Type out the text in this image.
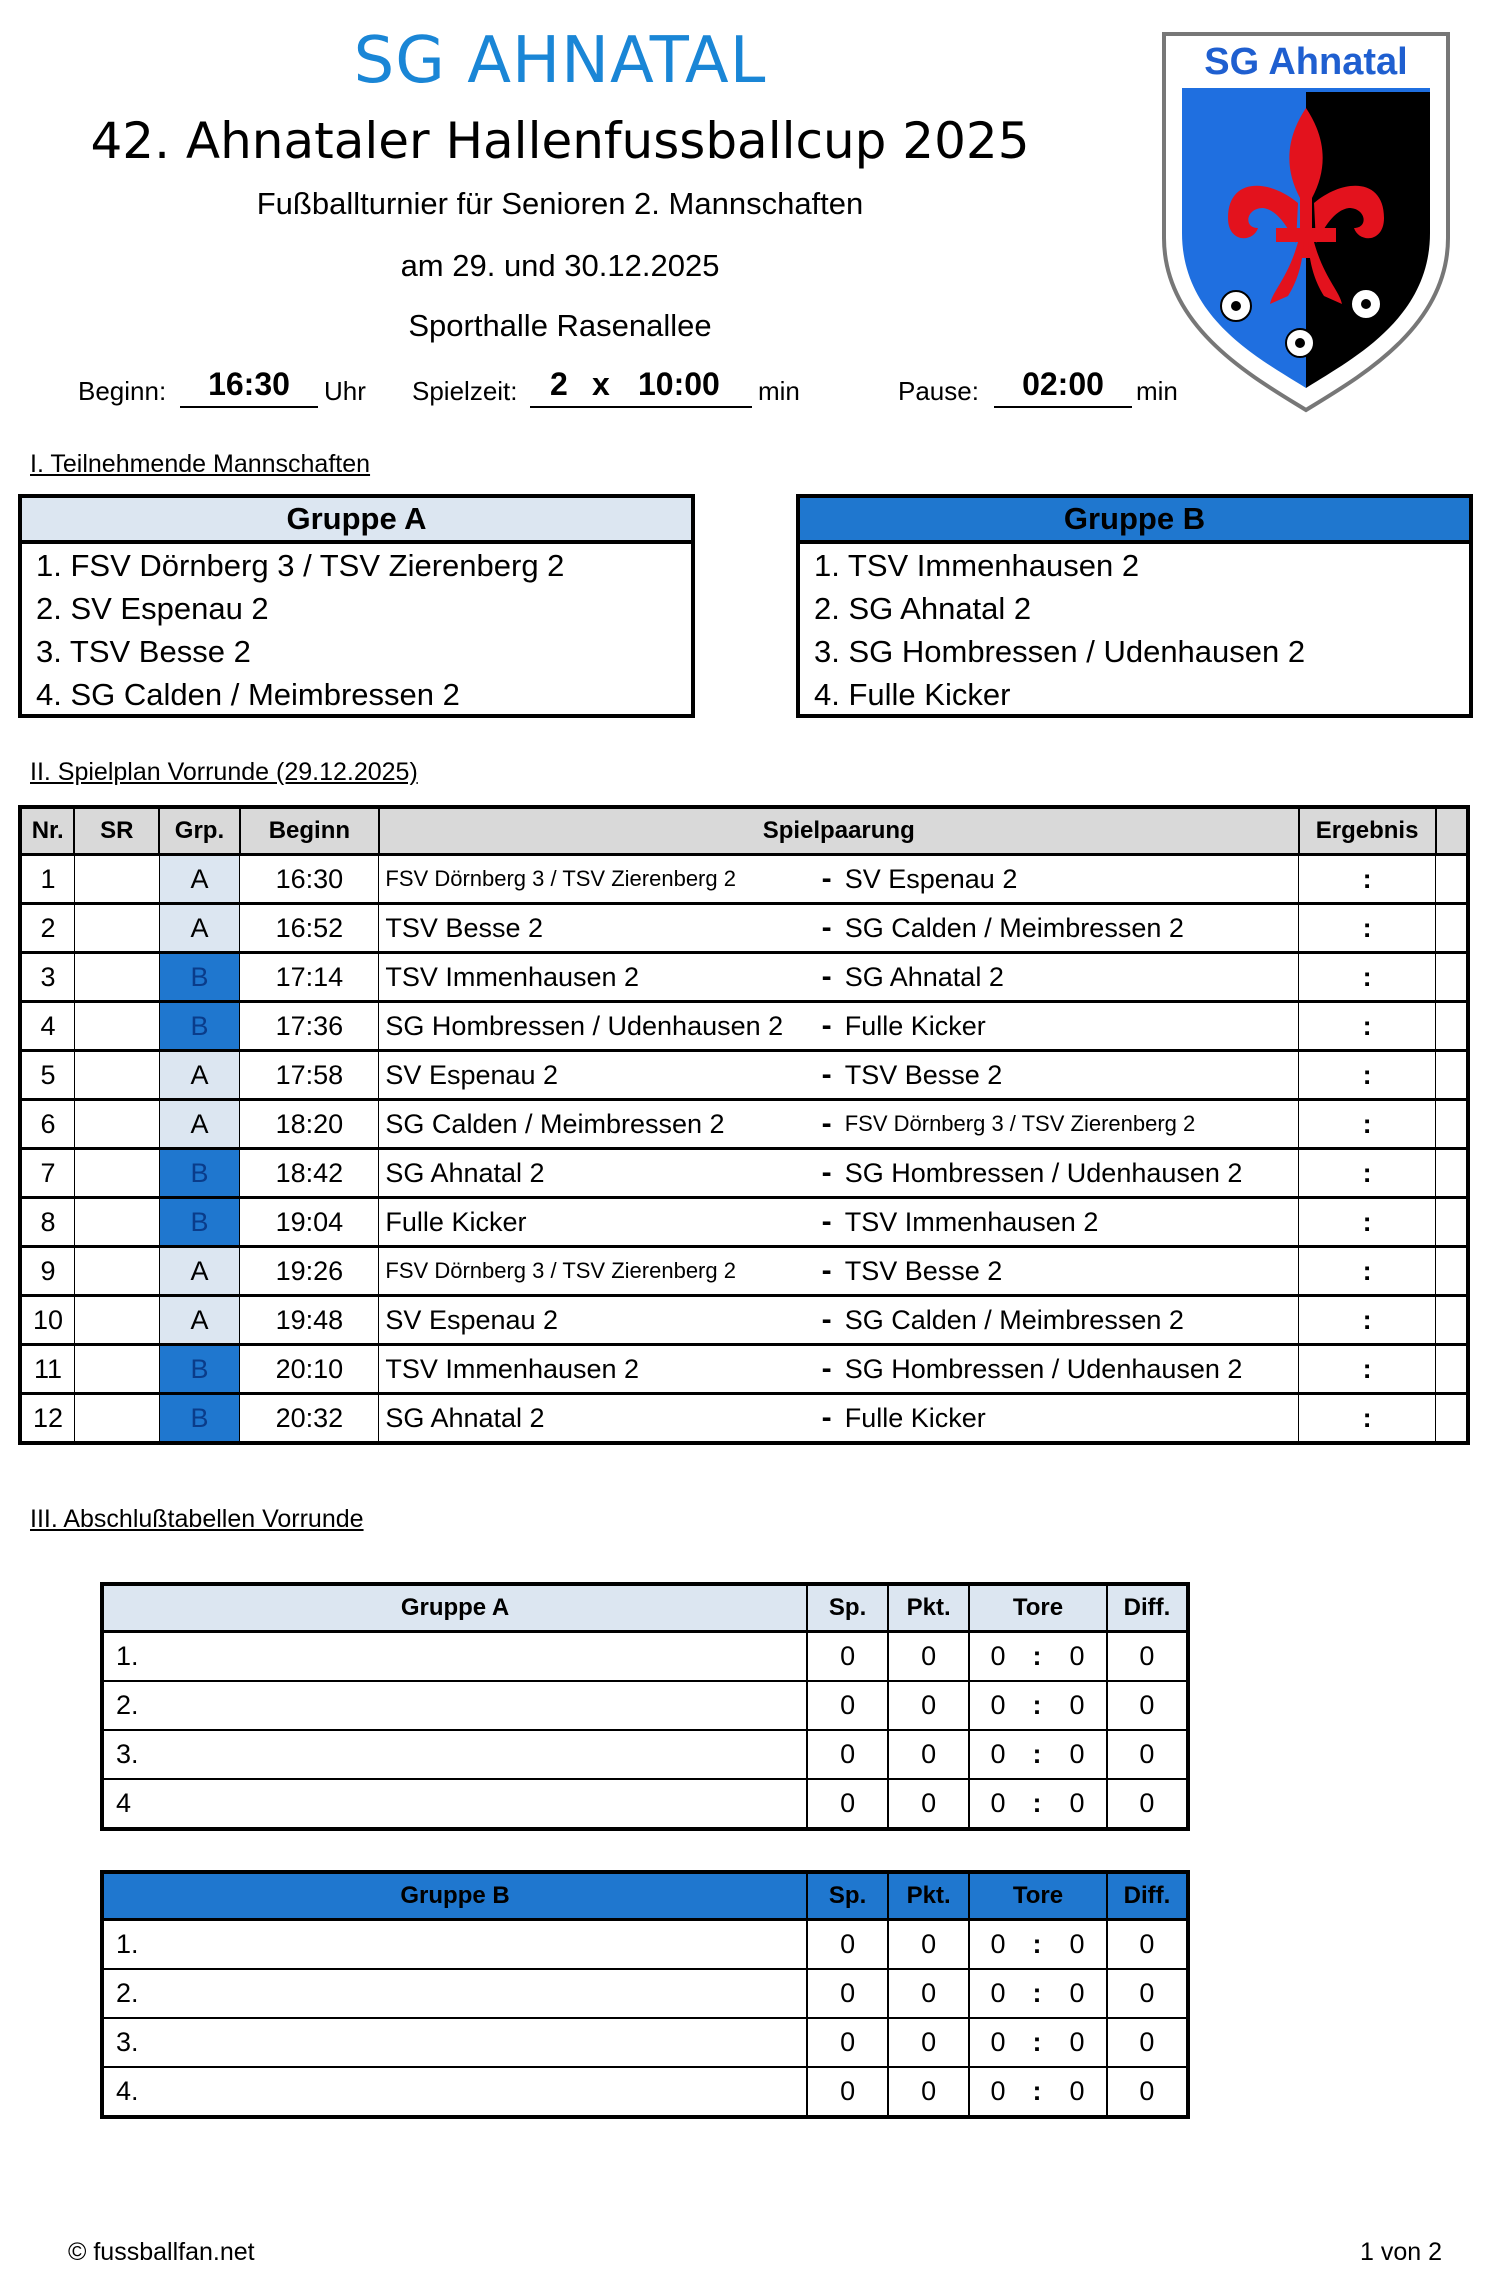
SG AHNATAL
42. Ahnataler Hallenfussballcup 2025
Fußballturnier für Senioren 2. Mannschaften
am 29. und 30.12.2025
Sporthalle Rasenallee
Beginn:	16:30	Uhr Spielzeit: 2 x 10:00 min	Pause:	02:00	min
SG Ahnatal
I. Teilnehmende Mannschaften
Gruppe A
1. FSV Dörnberg 3 / TSV Zierenberg 2
2. SV Espenau 2
3. TSV Besse 2
4. SG Calden / Meimbressen 2
Gruppe B
1. TSV Immenhausen 2
2. SG Ahnatal 2
3. SG Hombressen / Udenhausen 2
4. Fulle Kicker
II. Spielplan Vorrunde (29.12.2025)
Nr.	SR	Grp.	Beginn	Spielpaarung			Ergebnis	
1		A	16:30	FSV Dörnberg 3 / TSV Zierenberg 2	-	SV Espenau 2	:	
2		A	16:52	TSV Besse 2	-	SG Calden / Meimbressen 2	:	
3		B	17:14	TSV Immenhausen 2	-	SG Ahnatal 2	:	
4		B	17:36	SG Hombressen / Udenhausen 2	-	Fulle Kicker	:	
5		A	17:58	SV Espenau 2	-	TSV Besse 2	:	
6		A	18:20	SG Calden / Meimbressen 2	-	FSV Dörnberg 3 / TSV Zierenberg 2	:	
7		B	18:42	SG Ahnatal 2	-	SG Hombressen / Udenhausen 2	:	
8		B	19:04	Fulle Kicker	-	TSV Immenhausen 2	:	
9		A	19:26	FSV Dörnberg 3 / TSV Zierenberg 2	-	TSV Besse 2	:	
10		A	19:48	SV Espenau 2	-	SG Calden / Meimbressen 2	:	
11		B	20:10	TSV Immenhausen 2	-	SG Hombressen / Udenhausen 2	:	
12		B	20:32	SG Ahnatal 2	-	Fulle Kicker	:	
III. Abschlußtabellen Vorrunde
Gruppe A	Sp.	Pkt.	Tore			Diff.
1.	0	0	0	:	0	0
2.	0	0	0	:	0	0
3.	0	0	0	:	0	0
4	0	0	0	:	0	0
Gruppe B	Sp.	Pkt.	Tore			Diff.
1.	0	0	0	:	0	0
2.	0	0	0	:	0	0
3.	0	0	0	:	0	0
4.	0	0	0	:	0	0
© fussballfan.net	1 von 2
